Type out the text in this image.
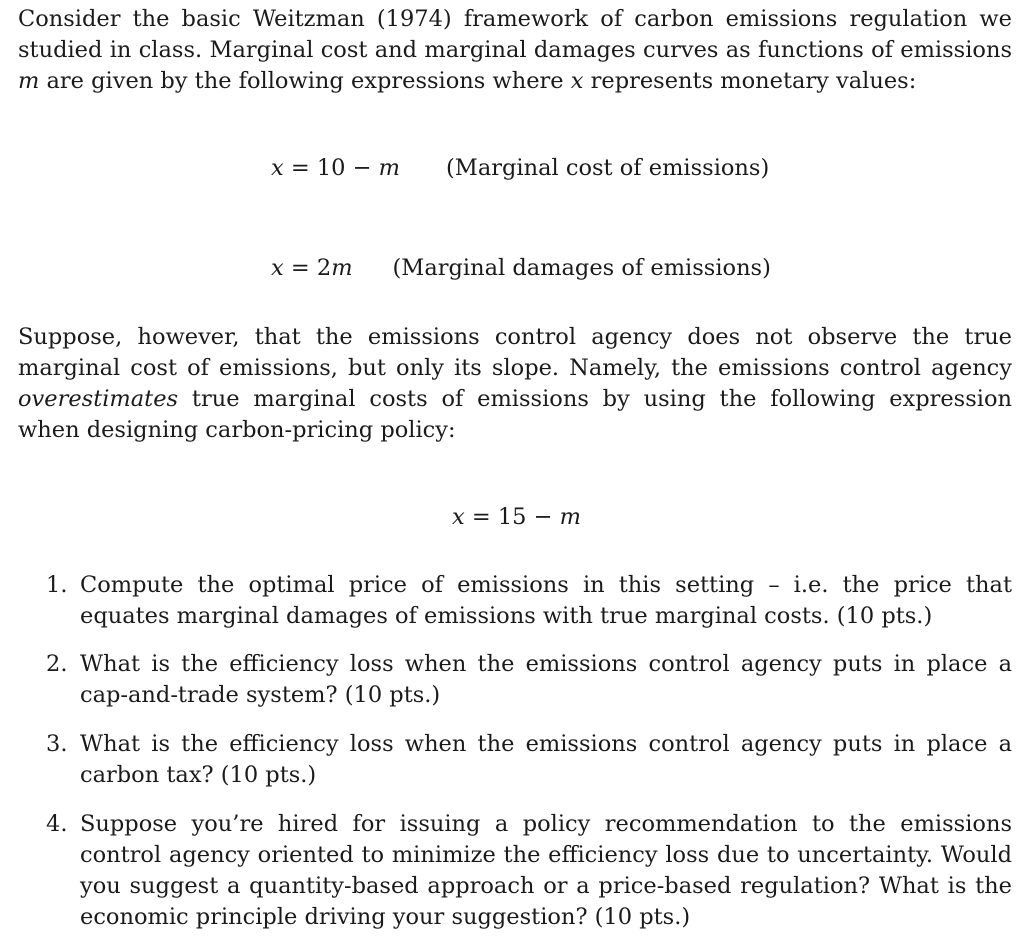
Consider the basic Weitzman (1974) framework of carbon emissions regulation we studied in class. Marginal cost and marginal damages curves as functions of emissions m are given by the following expressions where x represents monetary values:

x = 10 − m (Marginal cost of emissions)
x = 2m (Marginal damages of emissions)

Suppose, however, that the emissions control agency does not observe the true marginal cost of emissions, but only its slope. Namely, the emissions control agency overestimates true marginal costs of emissions by using the following expression when designing carbon-pricing policy:

x = 15 − m
1. Compute the optimal price of emissions in this setting – i.e. the price that equates marginal damages of emissions with true marginal costs. (10 pts.)
2. What is the efficiency loss when the emissions control agency puts in place a cap-and-trade system? (10 pts.)
3. What is the efficiency loss when the emissions control agency puts in place a carbon tax? (10 pts.)
4. Suppose you’re hired for issuing a policy recommendation to the emissions control agency oriented to minimize the efficiency loss due to uncertainty. Would you suggest a quantity-based approach or a price-based regulation? What is the economic principle driving your suggestion? (10 pts.)
